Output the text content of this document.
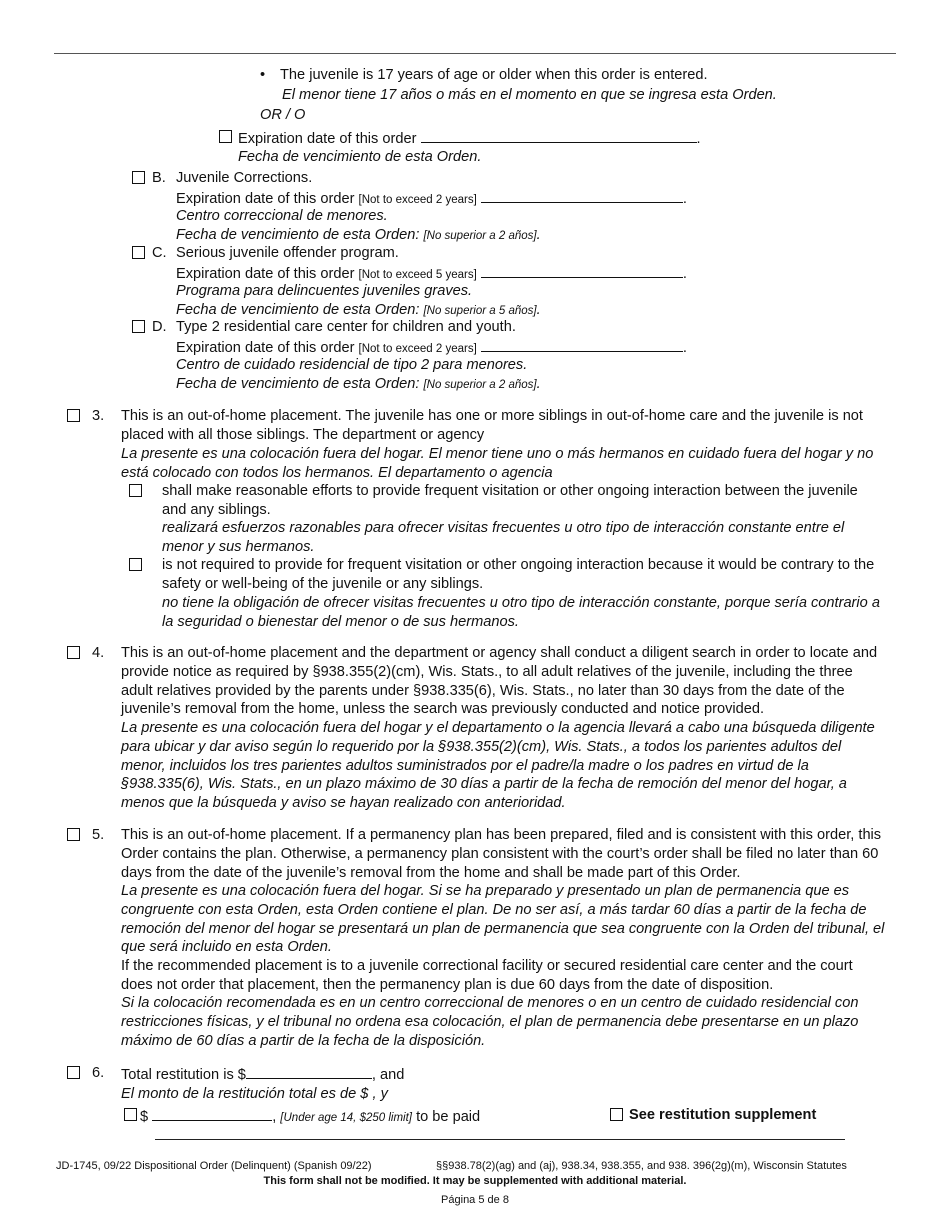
• The juvenile is 17 years of age or older when this order is entered.
El menor tiene 17 años o más en el momento en que se ingresa esta Orden.
OR / O
Expiration date of this order	.
Fecha de vencimiento de esta Orden.
B. Juvenile Corrections.
Expiration date of this order [Not to exceed 2 years]	.
Centro correccional de menores.
Fecha de vencimiento de esta Orden: [No superior a 2 años].
C. Serious juvenile offender program.
Expiration date of this order [Not to exceed 5 years]	.
Programa para delincuentes juveniles graves.
Fecha de vencimiento de esta Orden: [No superior a 5 años].
D. Type 2 residential care center for children and youth.
Expiration date of this order [Not to exceed 2 years]	.
Centro de cuidado residencial de tipo 2 para menores.
Fecha de vencimiento de esta Orden: [No superior a 2 años].
3. This is an out-of-home placement. The juvenile has one or more siblings in out-of-home care and the juvenile is not placed with all those siblings. The department or agency
La presente es una colocación fuera del hogar. El menor tiene uno o más hermanos en cuidado fuera del hogar y no está colocado con todos los hermanos. El departamento o agencia
shall make reasonable efforts to provide frequent visitation or other ongoing interaction between the juvenile and any siblings.
realizará esfuerzos razonables para ofrecer visitas frecuentes u otro tipo de interacción constante entre el menor y sus hermanos.
is not required to provide for frequent visitation or other ongoing interaction because it would be contrary to the safety or well-being of the juvenile or any siblings.
no tiene la obligación de ofrecer visitas frecuentes u otro tipo de interacción constante, porque sería contrario a la seguridad o bienestar del menor o de sus hermanos.
4. This is an out-of-home placement and the department or agency shall conduct a diligent search in order to locate and provide notice as required by §938.355(2)(cm), Wis. Stats., to all adult relatives of the juvenile, including the three adult relatives provided by the parents under §938.335(6), Wis. Stats., no later than 30 days from the date of the juvenile’s removal from the home, unless the search was previously conducted and notice provided.
La presente es una colocación fuera del hogar y el departamento o la agencia llevará a cabo una búsqueda diligente para ubicar y dar aviso según lo requerido por la §938.355(2)(cm), Wis. Stats., a todos los parientes adultos del menor, incluidos los tres parientes adultos suministrados por el padre/la madre o los padres en virtud de la §938.335(6), Wis. Stats., en un plazo máximo de 30 días a partir de la fecha de remoción del menor del hogar, a menos que la búsqueda y aviso se hayan realizado con anterioridad.
5. This is an out-of-home placement. If a permanency plan has been prepared, filed and is consistent with this order, this Order contains the plan. Otherwise, a permanency plan consistent with the court’s order shall be filed no later than 60 days from the date of the juvenile’s removal from the home and shall be made part of this Order.
La presente es una colocación fuera del hogar. Si se ha preparado y presentado un plan de permanencia que es congruente con esta Orden, esta Orden contiene el plan. De no ser así, a más tardar 60 días a partir de la fecha de remoción del menor del hogar se presentará un plan de permanencia que sea congruente con la Orden del tribunal, el que será incluido en esta Orden.
If the recommended placement is to a juvenile correctional facility or secured residential care center and the court does not order that placement, then the permanency plan is due 60 days from the date of disposition.
Si la colocación recomendada es en un centro correccional de menores o en un centro de cuidado residencial con restricciones físicas, y el tribunal no ordena esa colocación, el plan de permanencia debe presentarse en un plazo máximo de 60 días a partir de la fecha de la disposición.
6. Total restitution is $	, and
El monto de la restitución total es de $ , y
$	, [Under age 14, $250 limit] to be paid	See restitution supplement
JD-1745, 09/22 Dispositional Order (Delinquent) (Spanish 09/22)	§§938.78(2)(ag) and (aj), 938.34, 938.355, and 938. 396(2g)(m), Wisconsin Statutes
This form shall not be modified. It may be supplemented with additional material.
Página 5 de 8
